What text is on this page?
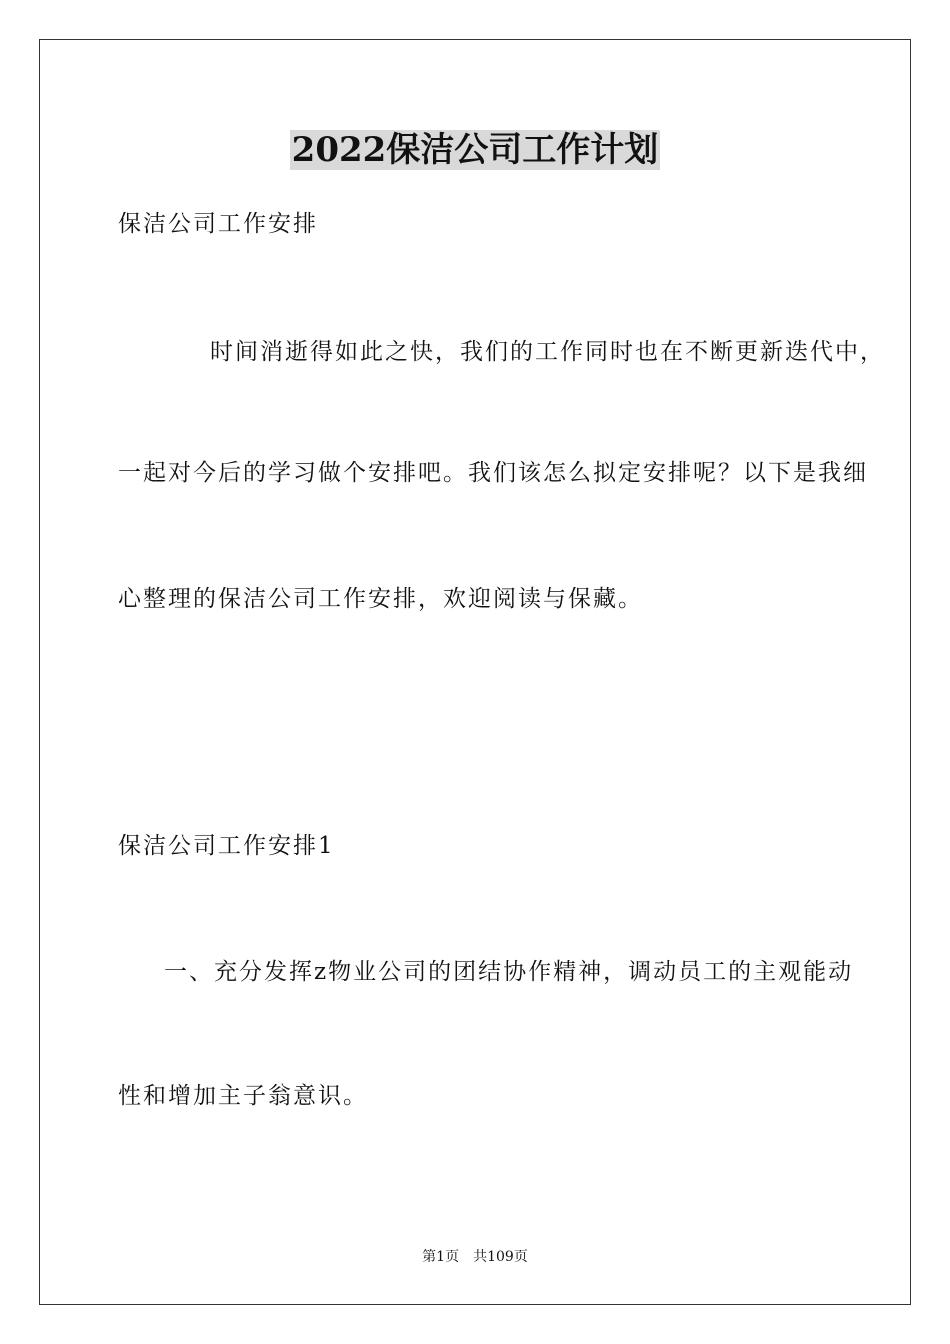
2022保洁公司工作计划
保洁公司工作安排
时间消逝得如此之快，我们的工作同时也在不断更新迭代中，
一起对今后的学习做个安排吧。我们该怎么拟定安排呢？以下是我细
心整理的保洁公司工作安排，欢迎阅读与保藏。
保洁公司工作安排1
一、充分发挥z物业公司的团结协作精神，调动员工的主观能动
性和增加主子翁意识。
第1页 共109页
